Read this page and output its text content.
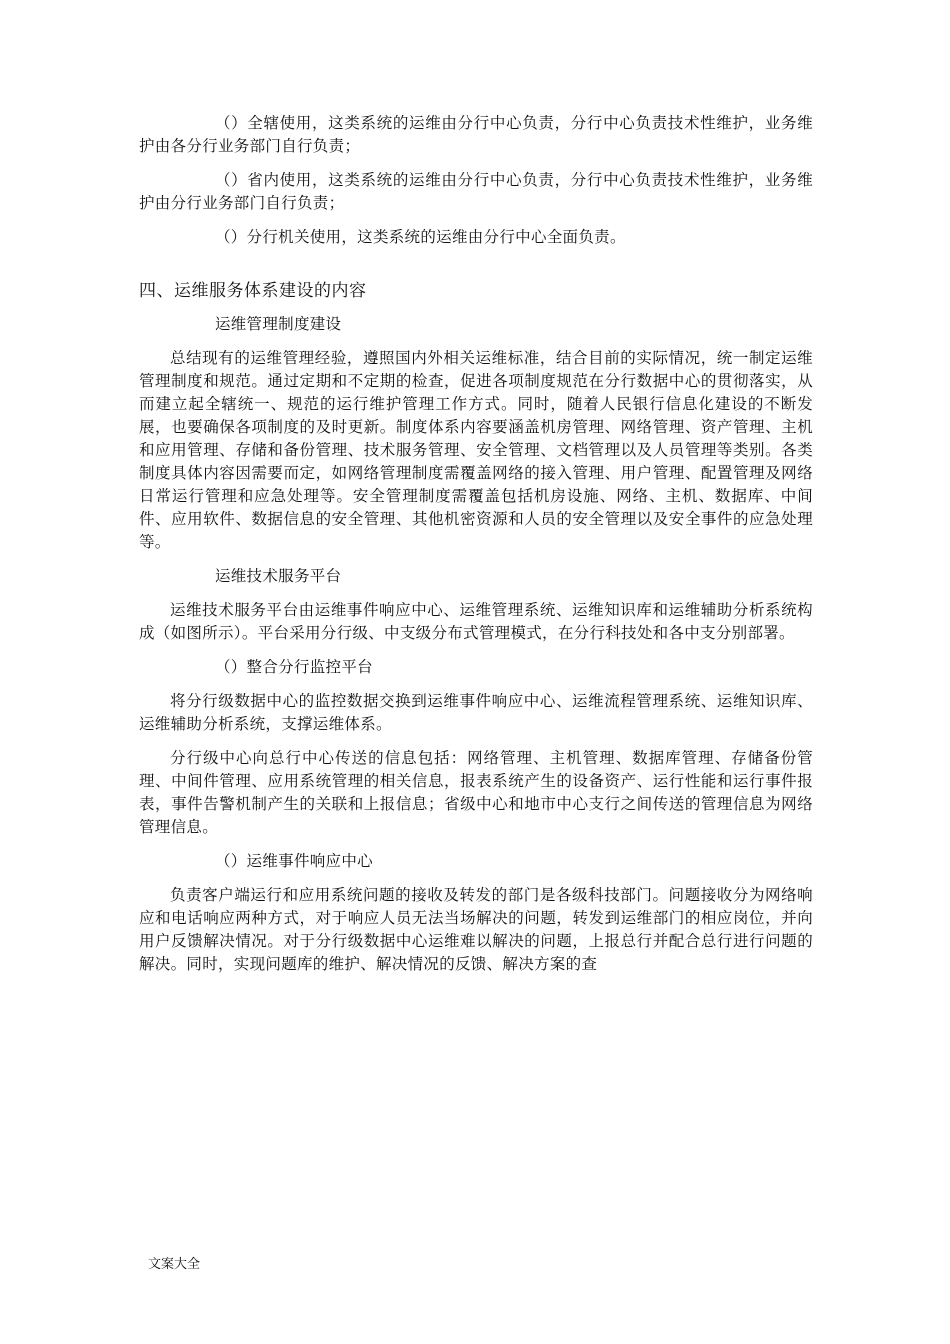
（）全辖使用，这类系统的运维由分行中心负责，分行中心负责技术性维护，业务维护由各分行业务部门自行负责；

（）省内使用，这类系统的运维由分行中心负责，分行中心负责技术性维护，业务维护由分行业务部门自行负责；

（）分行机关使用，这类系统的运维由分行中心全面负责。

四、运维服务体系建设的内容

运维管理制度建设

总结现有的运维管理经验，遵照国内外相关运维标准，结合目前的实际情况，统一制定运维管理制度和规范。通过定期和不定期的检查，促进各项制度规范在分行数据中心的贯彻落实，从而建立起全辖统一、规范的运行维护管理工作方式。同时，随着人民银行信息化建设的不断发展，也要确保各项制度的及时更新。制度体系内容要涵盖机房管理、网络管理、资产管理、主机和应用管理、存储和备份管理、技术服务管理、安全管理、文档管理以及人员管理等类别。各类制度具体内容因需要而定，如网络管理制度需覆盖网络的接入管理、用户管理、配置管理及网络日常运行管理和应急处理等。安全管理制度需覆盖包括机房设施、网络、主机、数据库、中间件、应用软件、数据信息的安全管理、其他机密资源和人员的安全管理以及安全事件的应急处理等。

运维技术服务平台

运维技术服务平台由运维事件响应中心、运维管理系统、运维知识库和运维辅助分析系统构成（如图所示）。平台采用分行级、中支级分布式管理模式，在分行科技处和各中支分别部署。

（）整合分行监控平台

将分行级数据中心的监控数据交换到运维事件响应中心、运维流程管理系统、运维知识库、运维辅助分析系统，支撑运维体系。

分行级中心向总行中心传送的信息包括：网络管理、主机管理、数据库管理、存储备份管理、中间件管理、应用系统管理的相关信息，报表系统产生的设备资产、运行性能和运行事件报表，事件告警机制产生的关联和上报信息；省级中心和地市中心支行之间传送的管理信息为网络管理信息。

（）运维事件响应中心

负责客户端运行和应用系统问题的接收及转发的部门是各级科技部门。问题接收分为网络响应和电话响应两种方式，对于响应人员无法当场解决的问题，转发到运维部门的相应岗位，并向用户反馈解决情况。对于分行级数据中心运维难以解决的问题，上报总行并配合总行进行问题的解决。同时，实现问题库的维护、解决情况的反馈、解决方案的查

文案大全
